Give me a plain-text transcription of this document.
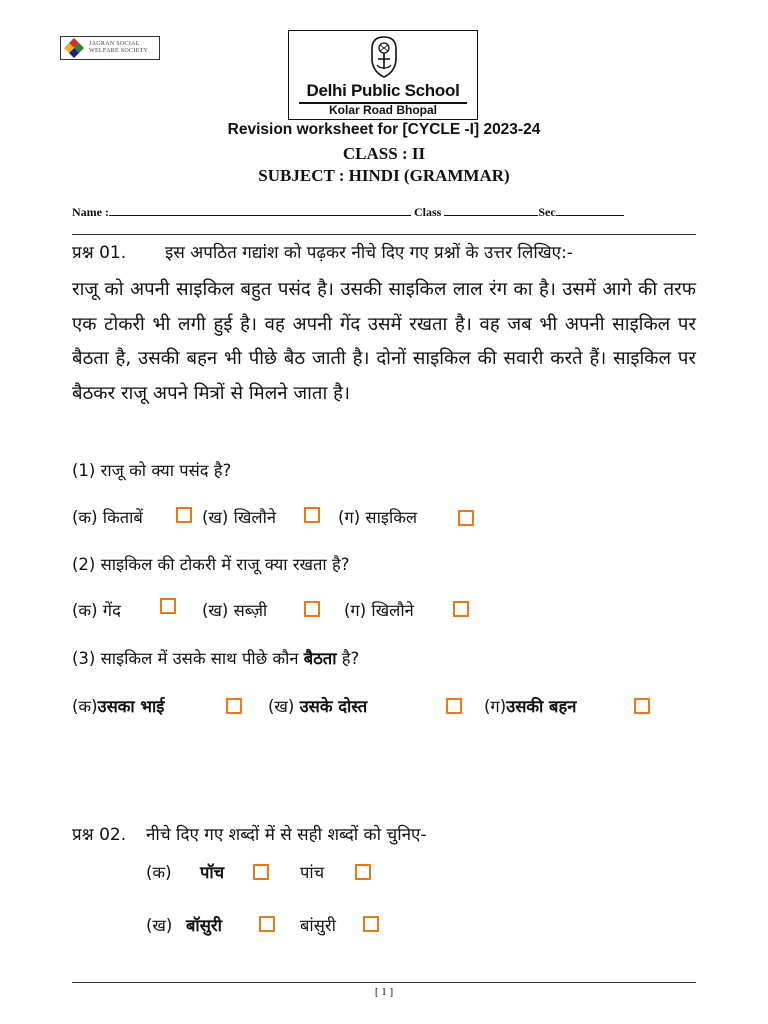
JAGRAN SOCIAL
WELFARE SOCIETY
Delhi Public School
Kolar Road Bhopal
Revision worksheet for [CYCLE -I] 2023-24
CLASS : II
SUBJECT : HINDI (GRAMMAR)
Name :	Class	Sec
प्रश्न 01. इस अपठित गद्यांश को पढ़कर नीचे दिए गए प्रश्नों के उत्तर लिखिए:-
राजू को अपनी साइकिल बहुत पसंद है। उसकी साइकिल लाल रंग का है। उसमें आगे की तरफ एक टोकरी भी लगी हुई है। वह अपनी गेंद उसमें रखता है। वह जब भी अपनी साइकिल पर बैठता है, उसकी बहन भी पीछे बैठ जाती है। दोनों साइकिल की सवारी करते हैं। साइकिल पर बैठकर राजू अपने मित्रों से मिलने जाता है।
(1) राजू को क्या पसंद है?
(क) किताबें	(ख) खिलौने	(ग) साइकिल
(2) साइकिल की टोकरी में राजू क्या रखता है?
(क) गेंद	(ख) सब्ज़ी	(ग) खिलौने
(3) साइकिल में उसके साथ पीछे कौन बैठता है?
(क)उसका भाई	(ख) उसके दोस्त	(ग)उसकी बहन
प्रश्न 02. नीचे दिए गए शब्दों में से सही शब्दों को चुनिए-
(क) पॉच	पांच
(ख) बॉसुरी	बांसुरी
[ 1 ]
